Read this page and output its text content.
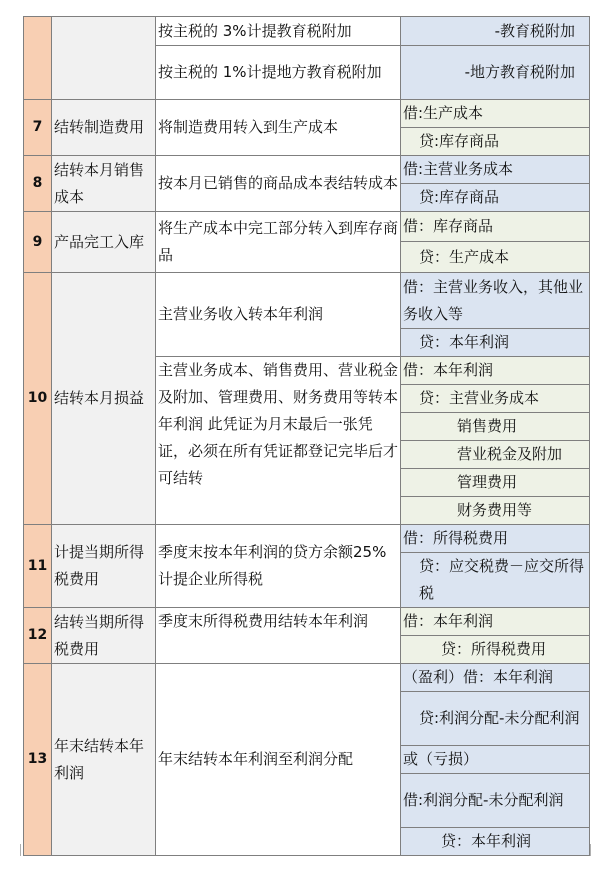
		按主税的 3%计提教育税附加	-教育税附加
		按主税的 1%计提地方教育税附加	-地方教育税附加
7	结转制造费用	将制造费用转入到生产成本	借:生产成本
			贷:库存商品
8	结转本月销售成本	按本月已销售的商品成本表结转成本	借:主营业务成本
			贷:库存商品
9	产品完工入库	将生产成本中完工部分转入到库存商品	借：库存商品
			贷：生产成本
10	结转本月损益	主营业务收入转本年利润	借：主营业务收入，其他业务收入等
			贷：本年利润
		主营业务成本、销售费用、营业税金及附加、管理费用、财务费用等转本年利润 此凭证为月末最后一张凭证，必须在所有凭证都登记完毕后才可结转	借：本年利润
			贷：主营业务成本
			销售费用
			营业税金及附加
			管理费用
			财务费用等
11	计提当期所得税费用	季度末按本年利润的贷方余额25%计提企业所得税	借：所得税费用
			贷：应交税费－应交所得税
12	结转当期所得税费用	季度末所得税费用结转本年利润	借：本年利润
			贷：所得税费用
13	年末结转本年利润	年末结转本年利润至利润分配	（盈利）借：本年利润
			贷:利润分配-未分配利润
			或（亏损）
			借:利润分配-未分配利润
			贷：本年利润
